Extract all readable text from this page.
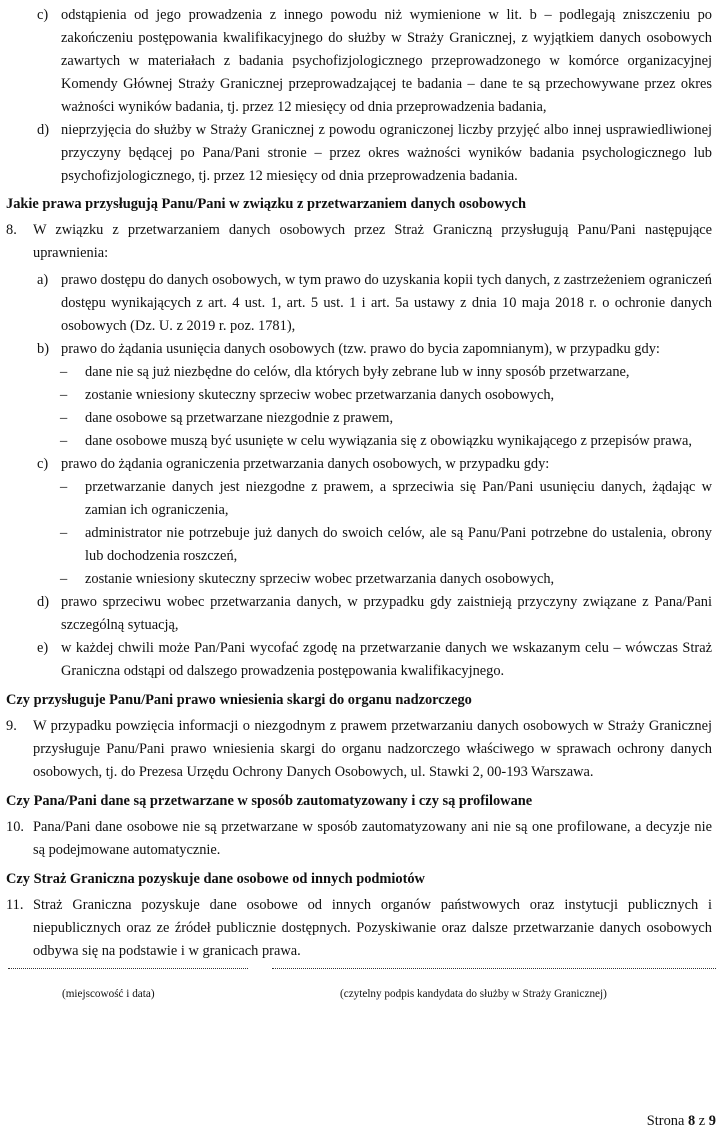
c) odstąpienia od jego prowadzenia z innego powodu niż wymienione w lit. b – podlegają zniszczeniu po zakończeniu postępowania kwalifikacyjnego do służby w Straży Granicznej, z wyjątkiem danych osobowych zawartych w materiałach z badania psychofizjologicznego przeprowadzonego w komórce organizacyjnej Komendy Głównej Straży Granicznej przeprowadzającej te badania – dane te są przechowywane przez okres ważności wyników badania, tj. przez 12 miesięcy od dnia przeprowadzenia badania,
d) nieprzyjęcia do służby w Straży Granicznej z powodu ograniczonej liczby przyjęć albo innej usprawiedliwionej przyczyny będącej po Pana/Pani stronie – przez okres ważności wyników badania psychologicznego lub psychofizjologicznego, tj. przez 12 miesięcy od dnia przeprowadzenia badania.
Jakie prawa przysługują Panu/Pani w związku z przetwarzaniem danych osobowych
8. W związku z przetwarzaniem danych osobowych przez Straż Graniczną przysługują Panu/Pani następujące uprawnienia:
a) prawo dostępu do danych osobowych, w tym prawo do uzyskania kopii tych danych, z zastrzeżeniem ograniczeń dostępu wynikających z art. 4 ust. 1, art. 5 ust. 1 i art. 5a ustawy z dnia 10 maja 2018 r. o ochronie danych osobowych (Dz. U. z 2019 r. poz. 1781),
b) prawo do żądania usunięcia danych osobowych (tzw. prawo do bycia zapomnianym), w przypadku gdy:
– dane nie są już niezbędne do celów, dla których były zebrane lub w inny sposób przetwarzane,
– zostanie wniesiony skuteczny sprzeciw wobec przetwarzania danych osobowych,
– dane osobowe są przetwarzane niezgodnie z prawem,
– dane osobowe muszą być usunięte w celu wywiązania się z obowiązku wynikającego z przepisów prawa,
c) prawo do żądania ograniczenia przetwarzania danych osobowych, w przypadku gdy:
– przetwarzanie danych jest niezgodne z prawem, a sprzeciwia się Pan/Pani usunięciu danych, żądając w zamian ich ograniczenia,
– administrator nie potrzebuje już danych do swoich celów, ale są Panu/Pani potrzebne do ustalenia, obrony lub dochodzenia roszczeń,
– zostanie wniesiony skuteczny sprzeciw wobec przetwarzania danych osobowych,
d) prawo sprzeciwu wobec przetwarzania danych, w przypadku gdy zaistnieją przyczyny związane z Pana/Pani szczególną sytuacją,
e) w każdej chwili może Pan/Pani wycofać zgodę na przetwarzanie danych we wskazanym celu – wówczas Straż Graniczna odstąpi od dalszego prowadzenia postępowania kwalifikacyjnego.
Czy przysługuje Panu/Pani prawo wniesienia skargi do organu nadzorczego
9. W przypadku powzięcia informacji o niezgodnym z prawem przetwarzaniu danych osobowych w Straży Granicznej przysługuje Panu/Pani prawo wniesienia skargi do organu nadzorczego właściwego w sprawach ochrony danych osobowych, tj. do Prezesa Urzędu Ochrony Danych Osobowych, ul. Stawki 2, 00-193 Warszawa.
Czy Pana/Pani dane są przetwarzane w sposób zautomatyzowany i czy są profilowane
10. Pana/Pani dane osobowe nie są przetwarzane w sposób zautomatyzowany ani nie są one profilowane, a decyzje nie są podejmowane automatycznie.
Czy Straż Graniczna pozyskuje dane osobowe od innych podmiotów
11. Straż Graniczna pozyskuje dane osobowe od innych organów państwowych oraz instytucji publicznych i niepublicznych oraz ze źródeł publicznie dostępnych. Pozyskiwanie oraz dalsze przetwarzanie danych osobowych odbywa się na podstawie i w granicach prawa.
(miejscowość i data)	(czytelny podpis kandydata do służby w Straży Granicznej)
Strona 8 z 9
